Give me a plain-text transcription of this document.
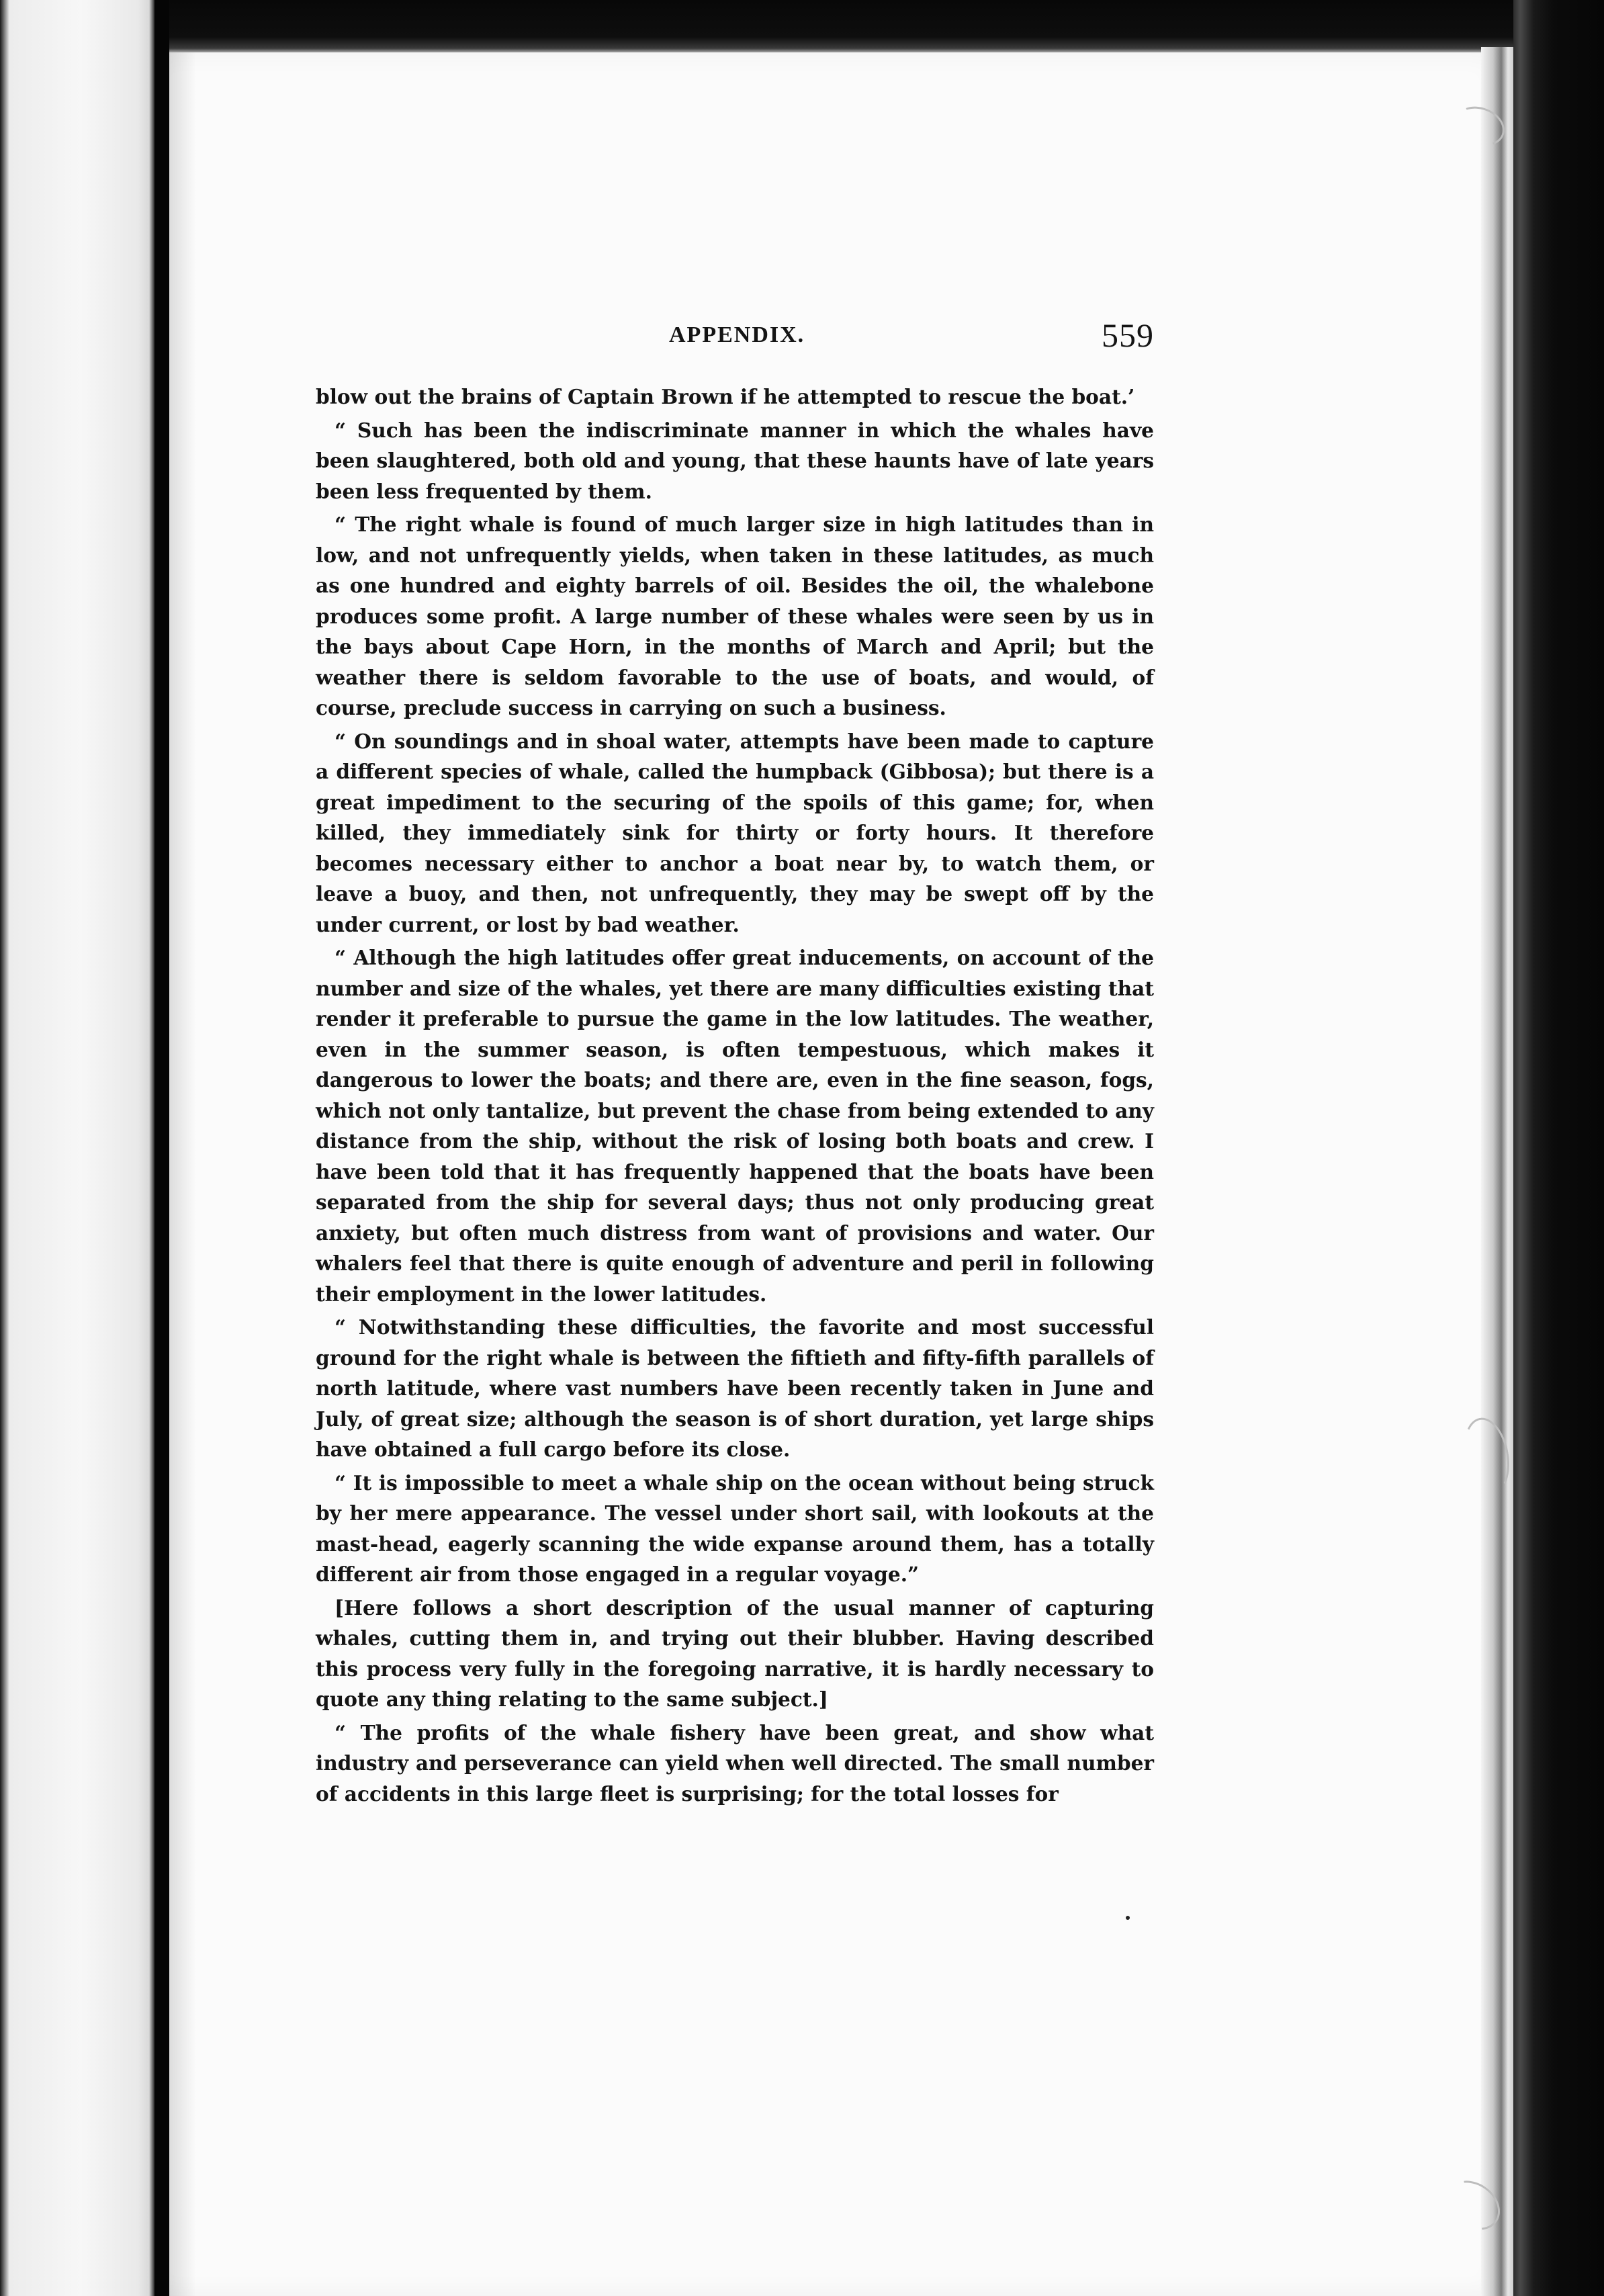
APPENDIX.	559

blow out the brains of Captain Brown if he attempted to rescue the boat.’

“ Such has been the indiscriminate manner in which the whales have been slaughtered, both old and young, that these haunts have of late years been less frequented by them.

“ The right whale is found of much larger size in high latitudes than in low, and not unfrequently yields, when taken in these latitudes, as much as one hundred and eighty barrels of oil. Besides the oil, the whalebone produces some profit. A large number of these whales were seen by us in the bays about Cape Horn, in the months of March and April; but the weather there is seldom favorable to the use of boats, and would, of course, preclude success in carrying on such a business.

“ On soundings and in shoal water, attempts have been made to capture a different species of whale, called the humpback (Gibbosa); but there is a great impediment to the securing of the spoils of this game; for, when killed, they immediately sink for thirty or forty hours. It therefore becomes necessary either to anchor a boat near by, to watch them, or leave a buoy, and then, not unfrequently, they may be swept off by the under current, or lost by bad weather.

“ Although the high latitudes offer great inducements, on account of the number and size of the whales, yet there are many difficulties existing that render it preferable to pursue the game in the low latitudes. The weather, even in the summer season, is often tempestuous, which makes it dangerous to lower the boats; and there are, even in the fine season, fogs, which not only tantalize, but prevent the chase from being extended to any distance from the ship, without the risk of losing both boats and crew. I have been told that it has frequently happened that the boats have been separated from the ship for several days; thus not only producing great anxiety, but often much distress from want of provisions and water. Our whalers feel that there is quite enough of adventure and peril in following their employment in the lower latitudes.

“ Notwithstanding these difficulties, the favorite and most successful ground for the right whale is between the fiftieth and fifty-fifth parallels of north latitude, where vast numbers have been recently taken in June and July, of great size; although the season is of short duration, yet large ships have obtained a full cargo before its close.

“ It is impossible to meet a whale ship on the ocean without being struck by her mere appearance. The vessel under short sail, with lookouts at the mast-head, eagerly scanning the wide expanse around them, has a totally different air from those engaged in a regular voyage.”

[Here follows a short description of the usual manner of capturing whales, cutting them in, and trying out their blubber. Having described this process very fully in the foregoing narrative, it is hardly necessary to quote any thing relating to the same subject.]

“ The profits of the whale fishery have been great, and show what industry and perseverance can yield when well directed. The small number of accidents in this large fleet is surprising; for the total losses for
